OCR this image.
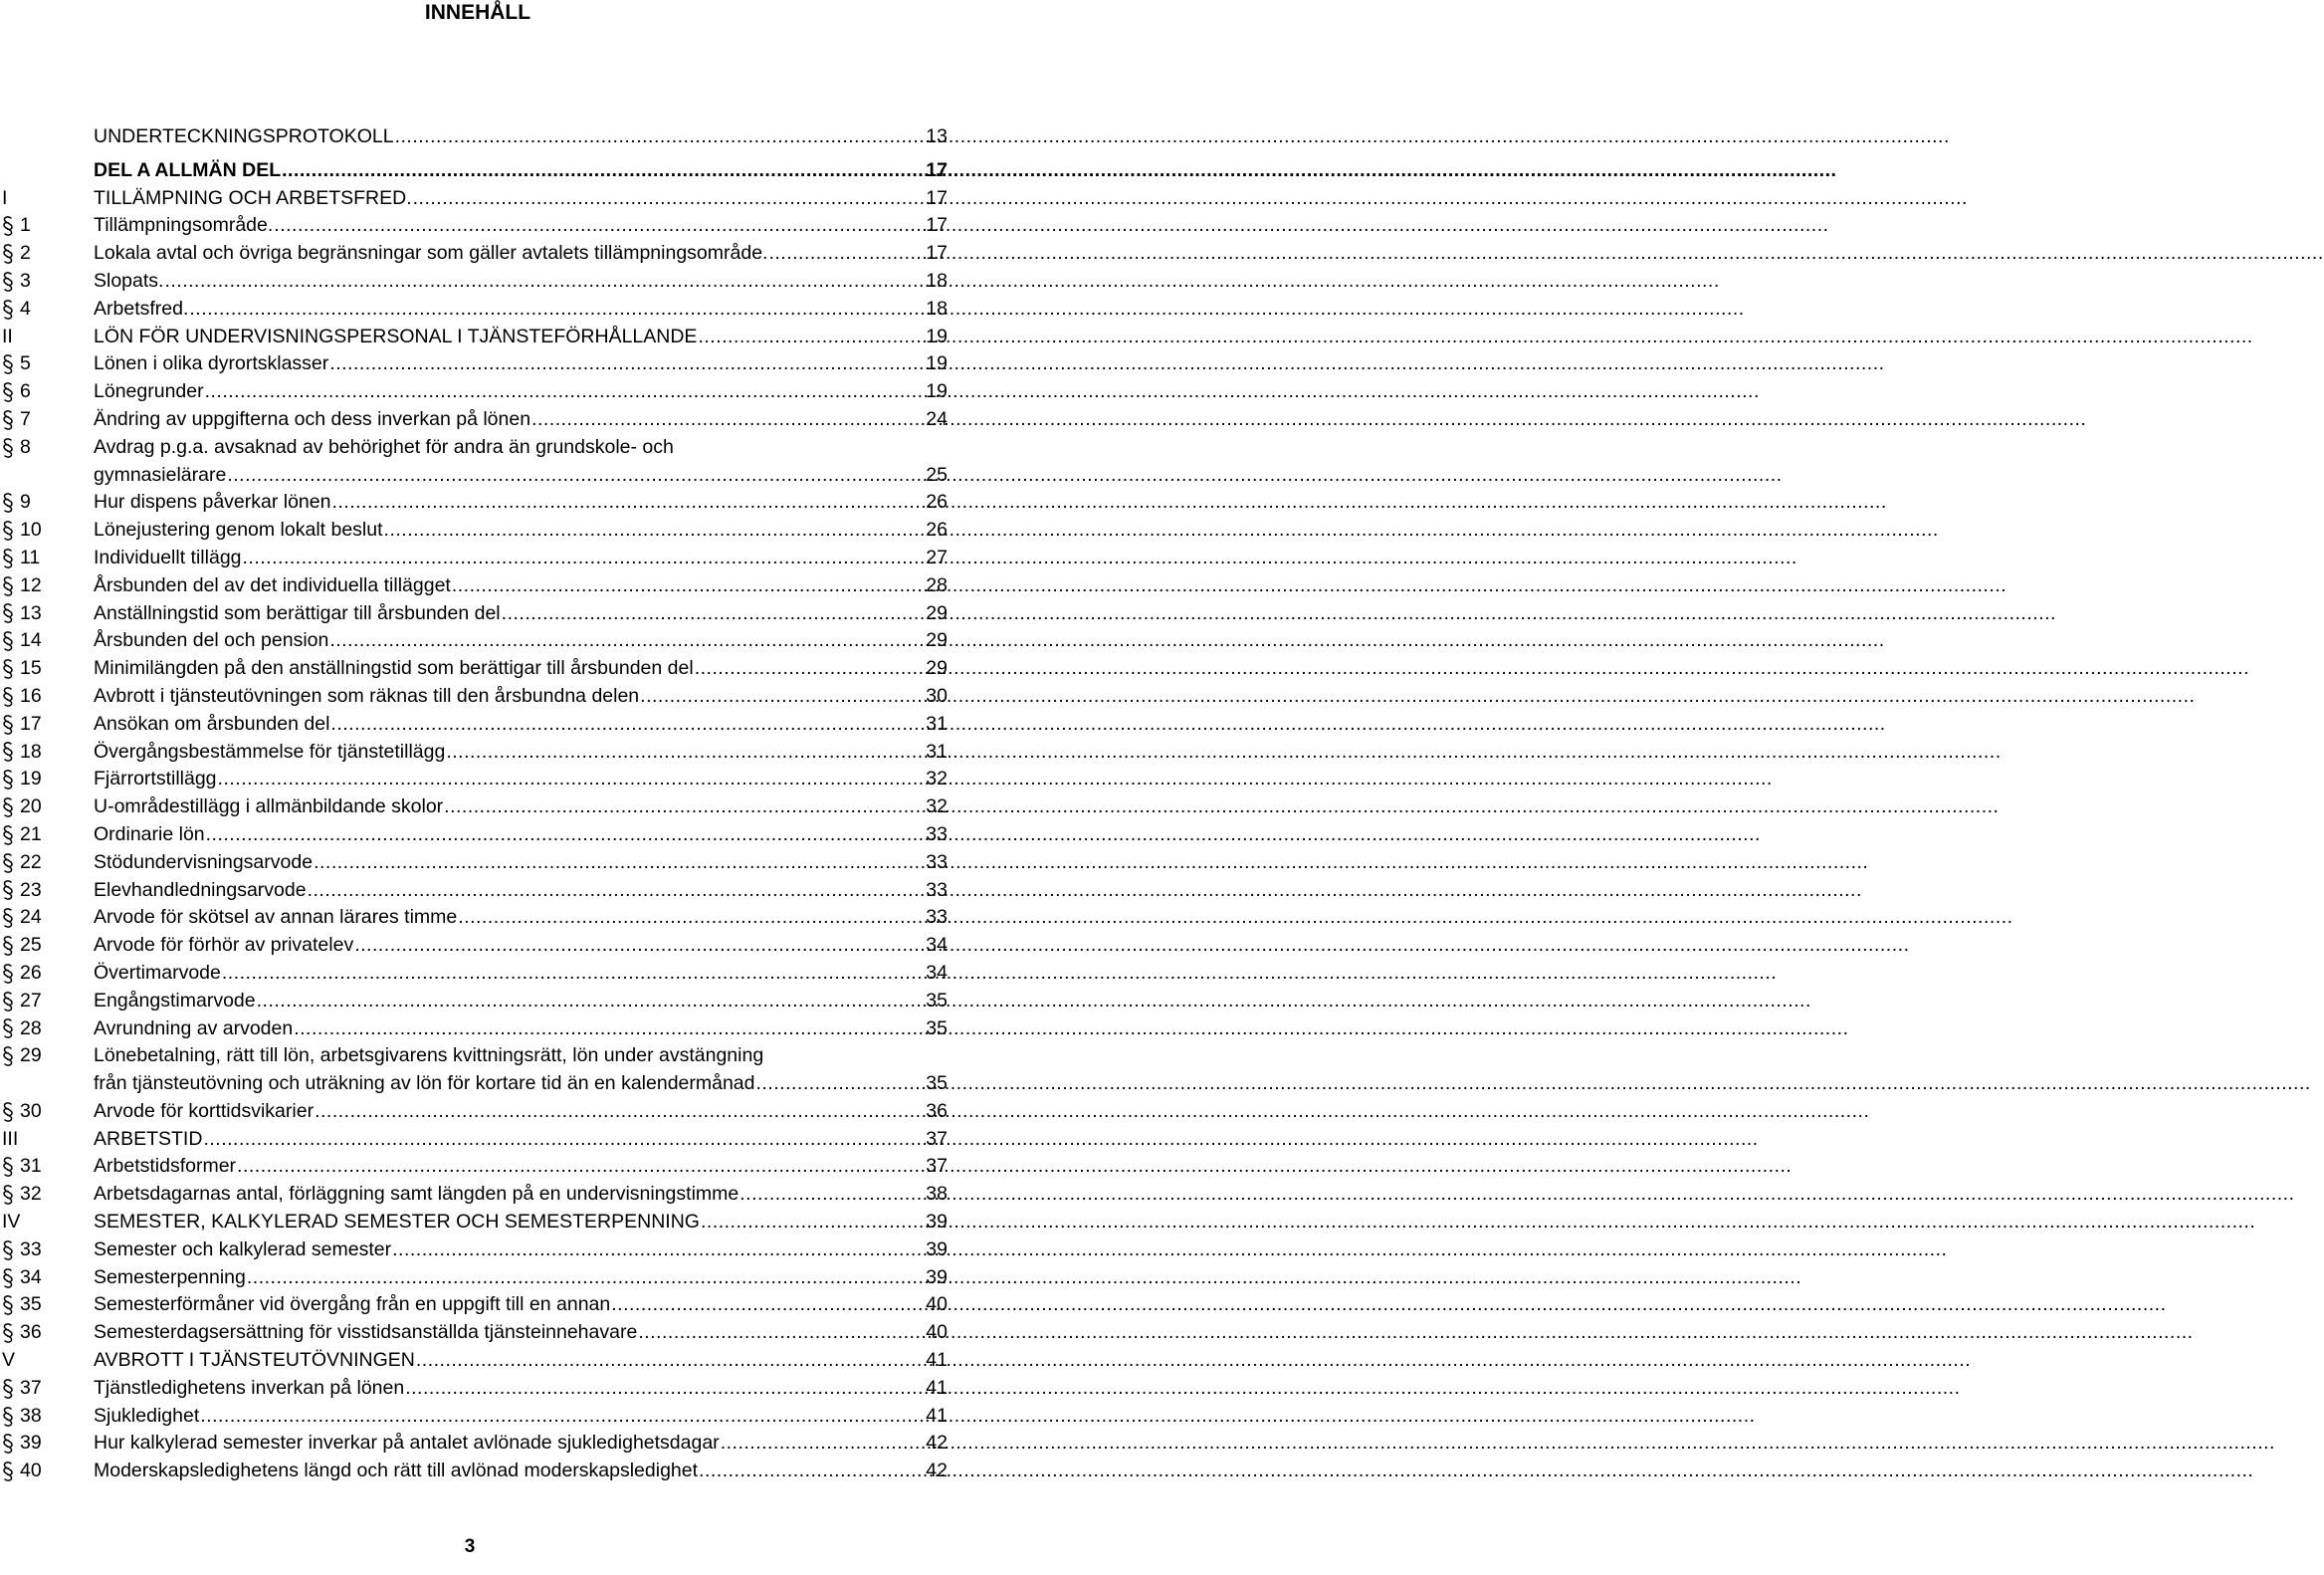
INNEHÅLL
UNDERTECKNINGSPROTOKOLL .....	13
DEL A ALLMÄN DEL .....	17
I	TILLÄMPNING OCH ARBETSFRED. .....	17
1	Tillämpningsområde. .....	17
2	Lokala avtal och övriga begränsningar som gäller avtalets tillämpningsområde. .....	17
3	Slopats. .....	18
4	Arbetsfred. .....	18
II	LÖN FÖR UNDERVISNINGSPERSONAL I TJÄNSTEFÖRHÅLLANDE .....	19
5	Lönen i olika dyrortsklasser .....	19
6	Lönegrunder .....	19
7	Ändring av uppgifterna och dess inverkan på lönen .....	24
8	Avdrag p.g.a. avsaknad av behörighet för andra än grundskole- och
gymnasielärare .....	25
9	Hur dispens påverkar lönen .....	26
10	Lönejustering genom lokalt beslut .....	26
11	Individuellt tillägg .....	27
12	Årsbunden del av det individuella tillägget .....	28
13	Anställningstid som berättigar till årsbunden del .....	29
14	Årsbunden del och pension .....	29
15	Minimilängden på den anställningstid som berättigar till årsbunden del .....	29
16	Avbrott i tjänsteutövningen som räknas till den årsbundna delen .....	30
17	Ansökan om årsbunden del .....	31
18	Övergångsbestämmelse för tjänstetillägg .....	31
19	Fjärrortstillägg .....	32
20	U-områdestillägg i allmänbildande skolor .....	32
21	Ordinarie lön .....	33
22	Stödundervisningsarvode .....	33
23	Elevhandledningsarvode .....	33
24	Arvode för skötsel av annan lärares timme .....	33
25	Arvode för förhör av privatelev .....	34
26	Övertimarvode .....	34
27	Engångstimarvode .....	35
28	Avrundning av arvoden .....	35
29	Lönebetalning, rätt till lön, arbetsgivarens kvittningsrätt, lön under avstängning
från tjänsteutövning och uträkning av lön för kortare tid än en kalendermånad .....	35
30	Arvode för korttidsvikarier .....	36
III	ARBETSTID .....	37
31	Arbetstidsformer .....	37
32	Arbetsdagarnas antal, förläggning samt längden på en undervisningstimme .....	38
IV	SEMESTER, KALKYLERAD SEMESTER OCH SEMESTERPENNING .....	39
33	Semester och kalkylerad semester .....	39
34	Semesterpenning .....	39
35	Semesterförmåner vid övergång från en uppgift till en annan .....	40
36	Semesterdagsersättning för visstidsanställda tjänsteinnehavare .....	40
V	AVBROTT I TJÄNSTEUTÖVNINGEN .....	41
37	Tjänstledighetens inverkan på lönen .....	41
38	Sjukledighet .....	41
39	Hur kalkylerad semester inverkar på antalet avlönade sjukledighetsdagar .....	42
40	Moderskapsledighetens längd och rätt till avlönad moderskapsledighet .....	42
3
